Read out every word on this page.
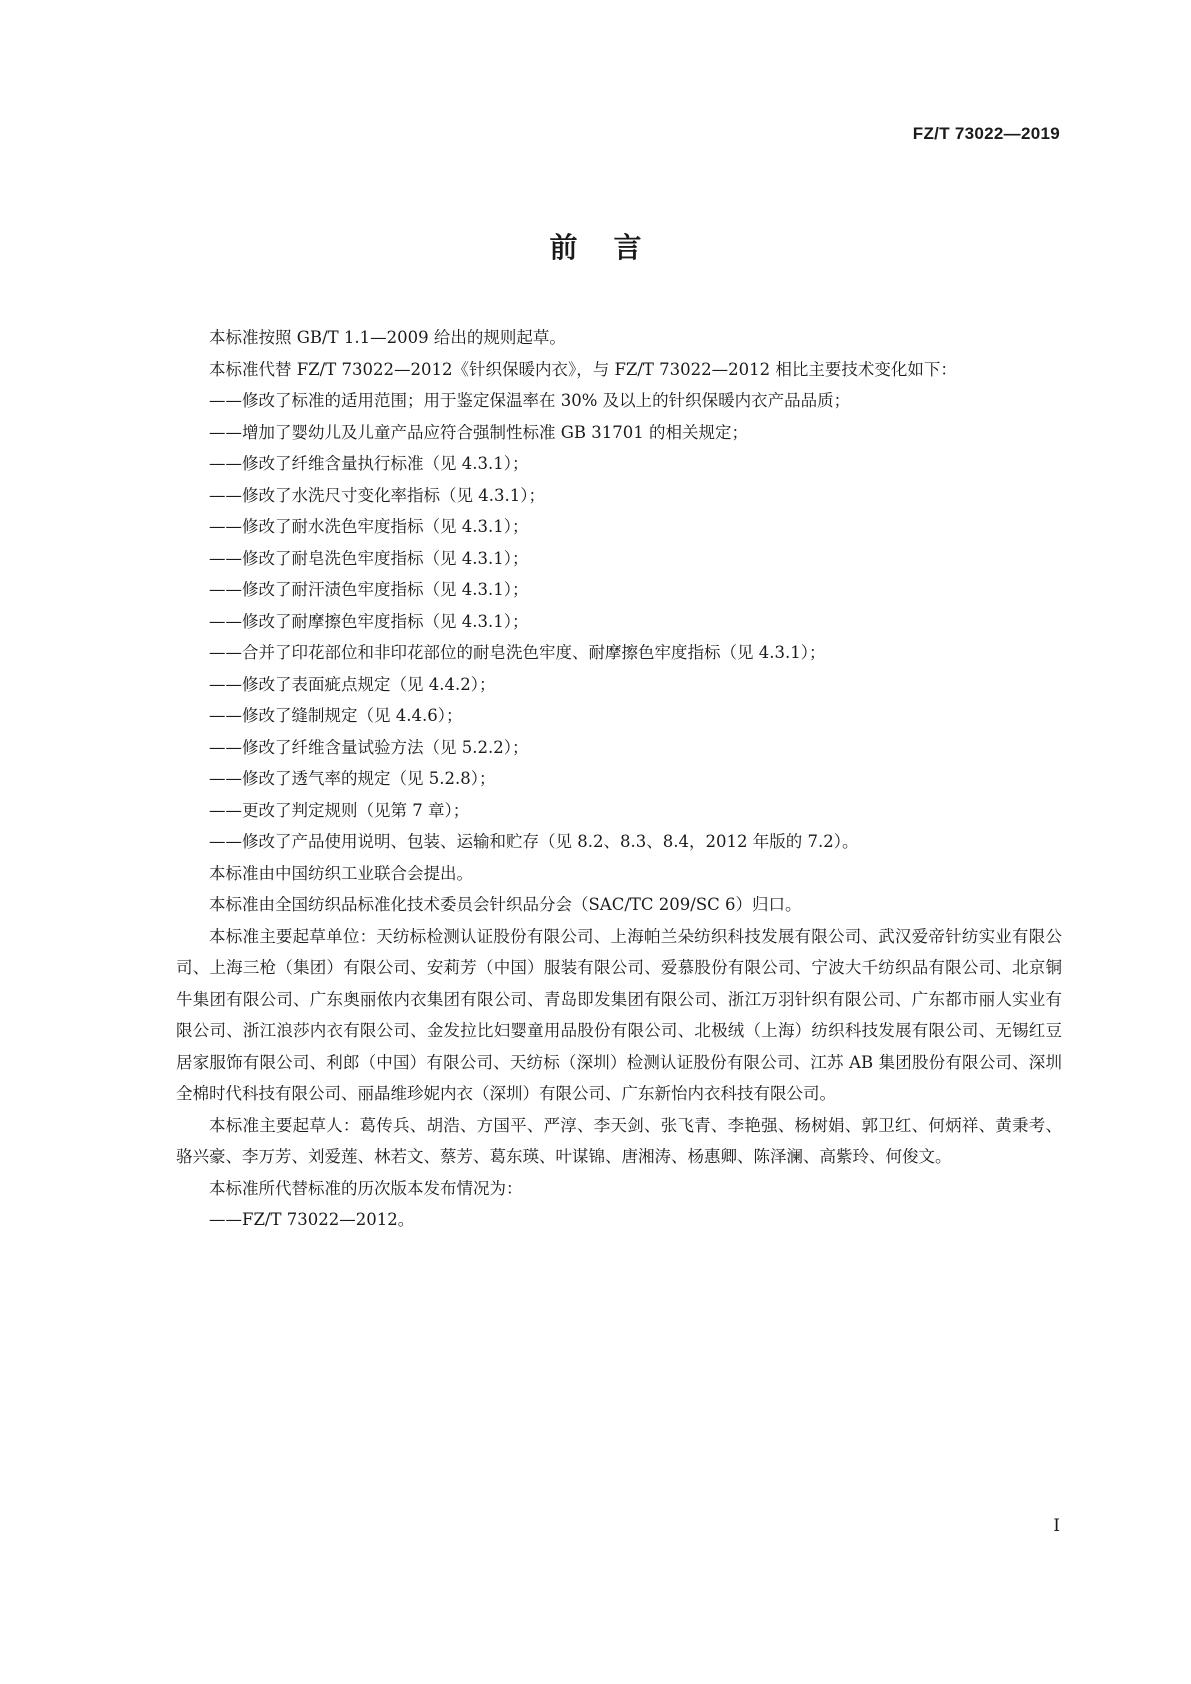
FZ/T 73022—2019
前言

本标准按照 GB/T 1.1—2009 给出的规则起草。

本标准代替 FZ/T 73022—2012《针织保暖内衣》，与 FZ/T 73022—2012 相比主要技术变化如下：

——修改了标准的适用范围；用于鉴定保温率在 30% 及以上的针织保暖内衣产品品质；

——增加了婴幼儿及儿童产品应符合强制性标准 GB 31701 的相关规定；

——修改了纤维含量执行标准（见 4.3.1）；

——修改了水洗尺寸变化率指标（见 4.3.1）；

——修改了耐水洗色牢度指标（见 4.3.1）；

——修改了耐皂洗色牢度指标（见 4.3.1）；

——修改了耐汗渍色牢度指标（见 4.3.1）；

——修改了耐摩擦色牢度指标（见 4.3.1）；

——合并了印花部位和非印花部位的耐皂洗色牢度、耐摩擦色牢度指标（见 4.3.1）；

——修改了表面疵点规定（见 4.4.2）；

——修改了缝制规定（见 4.4.6）；

——修改了纤维含量试验方法（见 5.2.2）；

——修改了透气率的规定（见 5.2.8）；

——更改了判定规则（见第 7 章）；

——修改了产品使用说明、包装、运输和贮存（见 8.2、8.3、8.4，2012 年版的 7.2）。

本标准由中国纺织工业联合会提出。

本标准由全国纺织品标准化技术委员会针织品分会（SAC/TC 209/SC 6）归口。

本标准主要起草单位：天纺标检测认证股份有限公司、上海帕兰朵纺织科技发展有限公司、武汉爱帝针纺实业有限公司、上海三枪（集团）有限公司、安莉芳（中国）服装有限公司、爱慕股份有限公司、宁波大千纺织品有限公司、北京铜牛集团有限公司、广东奥丽侬内衣集团有限公司、青岛即发集团有限公司、浙江万羽针织有限公司、广东都市丽人实业有限公司、浙江浪莎内衣有限公司、金发拉比妇婴童用品股份有限公司、北极绒（上海）纺织科技发展有限公司、无锡红豆居家服饰有限公司、利郎（中国）有限公司、天纺标（深圳）检测认证股份有限公司、江苏 AB 集团股份有限公司、深圳全棉时代科技有限公司、丽晶维珍妮内衣（深圳）有限公司、广东新怡内衣科技有限公司。

本标准主要起草人：葛传兵、胡浩、方国平、严淳、李天剑、张飞青、李艳强、杨树娟、郭卫红、何炳祥、黄秉考、骆兴豪、李万芳、刘爱莲、林若文、蔡芳、葛东瑛、叶谋锦、唐湘涛、杨惠卿、陈泽澜、高紫玲、何俊文。

本标准所代替标准的历次版本发布情况为：

——FZ/T 73022—2012。

I
